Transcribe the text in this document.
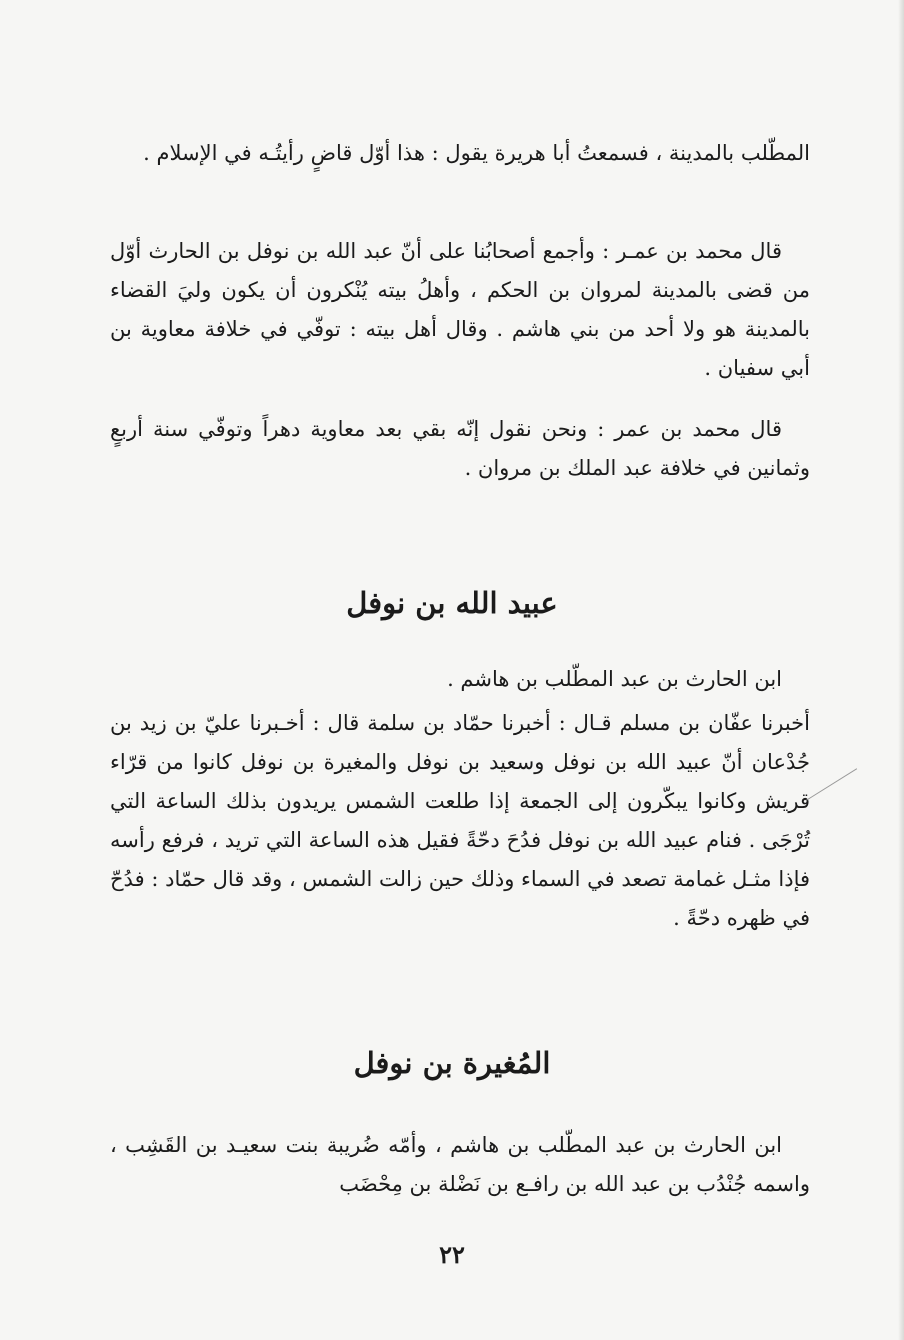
المطّلب بالمدينة ، فسمعتُ أبا هريرة يقول : هذا أوّل قاضٍ رأيتُـه في الإسلام .

قال محمد بن عمـر : وأجمع أصحابُنا على أنّ عبد الله بن نوفل بن الحارث أوّل من قضى بالمدينة لمروان بن الحكم ، وأهلُ بيته يُنْكرون أن يكون وليَ القضاء بالمدينة هو ولا أحد من بني هاشم . وقال أهل بيته : توفّي في خلافة معاوية بن أبي سفيان .

قال محمد بن عمر : ونحن نقول إنّه بقي بعد معاوية دهراً وتوفّي سنة أربعٍ وثمانين في خلافة عبد الملك بن مروان .

عبيد الله بن نوفل

ابن الحارث بن عبد المطّلب بن هاشم .

أخبرنا عفّان بن مسلم قـال : أخبرنا حمّاد بن سلمة قال : أخـبرنا عليّ بن زيد بن جُدْعان أنّ عبيد الله بن نوفل وسعيد بن نوفل والمغيرة بن نوفل كانوا من قرّاء قريش وكانوا يبكّرون إلى الجمعة إذا طلعت الشمس يريدون بذلك الساعة التي تُرْجَى . فنام عبيد الله بن نوفل فدُحَ دحّةً فقيل هذه الساعة التي تريد ، فرفع رأسه فإذا مثـل غمامة تصعد في السماء وذلك حين زالت الشمس ، وقد قال حمّاد : فدُحّ في ظهره دحّةً .

المُغيرة بن نوفل

ابن الحارث بن عبد المطّلب بن هاشم ، وأمّه ضُريبة بنت سعيـد بن القَشِب ، واسمه جُنْدُب بن عبد الله بن رافـع بن نَضْلة بن مِحْضَب

٢٢
